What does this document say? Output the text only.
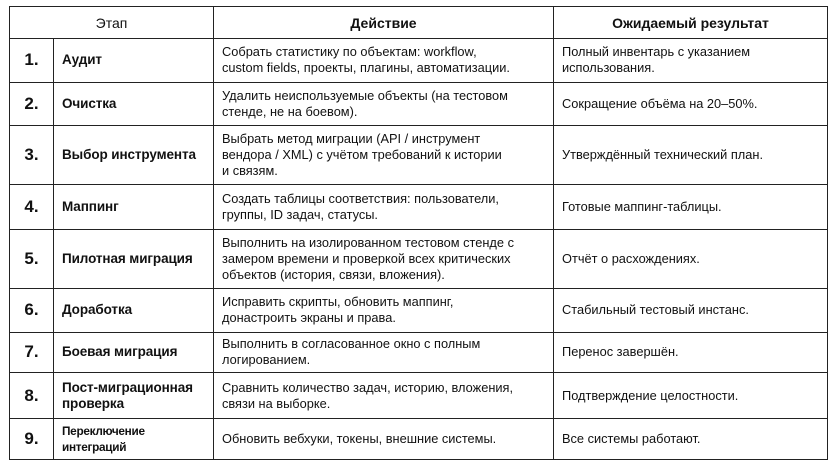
Этап		Действие	Ожидаемый результат
1.	Аудит	Собрать статистику по объектам: workflow, custom fields, проекты, плагины, автоматизации.	Полный инвентарь с указанием использования.
2.	Очистка	Удалить неиспользуемые объекты (на тестовом стенде, не на боевом).	Сокращение объёма на 20–50%.
3.	Выбор инструмента	Выбрать метод миграции (API / инструмент вендора / XML) с учётом требований к истории и связям.	Утверждённый технический план.
4.	Маппинг	Создать таблицы соответствия: пользователи, группы, ID задач, статусы.	Готовые маппинг-таблицы.
5.	Пилотная миграция	Выполнить на изолированном тестовом стенде с замером времени и проверкой всех критических объектов (история, связи, вложения).	Отчёт о расхождениях.
6.	Доработка	Исправить скрипты, обновить маппинг, донастроить экраны и права.	Стабильный тестовый инстанс.
7.	Боевая миграция	Выполнить в согласованное окно с полным логированием.	Перенос завершён.
8.	Пост-миграционная проверка	Сравнить количество задач, историю, вложения, связи на выборке.	Подтверждение целостности.
9.	Переключение интеграций	Обновить вебхуки, токены, внешние системы.	Все системы работают.
